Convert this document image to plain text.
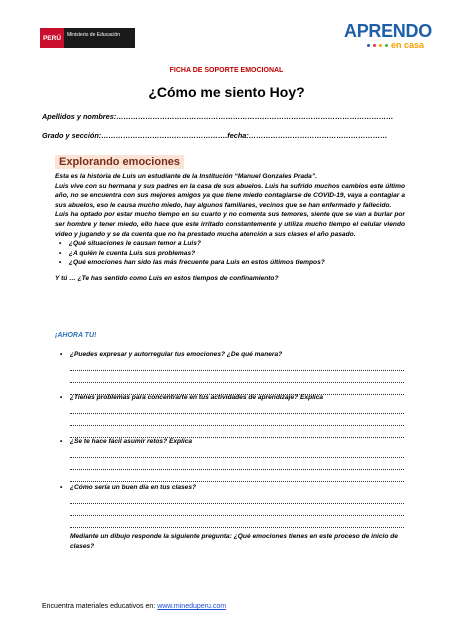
PERÚ	Ministerio de Educación	APRENDO
en casa
FICHA DE SOPORTE EMOCIONAL
¿Cómo me siento Hoy?
Apellidos y nombres:……………………………………………………………………………………………………
Grado y sección:…………………………………………….fecha:…………………………………………………
Explorando emociones

Esta es la historia de Luis un estudiante de la Institución “Manuel Gonzales Prada”.

Luis vive con su hermana y sus padres en la casa de sus abuelos. Luis ha sufrido muchos cambios este último año, no se encuentra con sus mejores amigos ya que tiene miedo contagiarse de COVID-19, vaya a contagiar a sus abuelos, eso le causa mucho miedo, hay algunos familiares, vecinos que se han enfermado y fallecido.

Luis ha optado por estar mucho tiempo en su cuarto y no comenta sus temores, siente que se van a burlar por ser hombre y tener miedo, ello hace que este irritado constantemente y utiliza mucho tiempo el celular viendo video y jugando y se da cuenta que no ha prestado mucha atención a sus clases el año pasado.

• ¿Qué situaciones le causan temor a Luis?
• ¿A quién le cuenta Luis sus problemas?
• ¿Qué emociones han sido las más frecuente para Luis en estos últimos tiempos?

Y tú … ¿Te has sentido como Luis en estos tiempos de confinamiento?

¡AHORA TU!
• ¿Puedes expresar y autorregular tus emociones? ¿De qué manera?
• ¿Tienes problemas para concentrarte en tus actividades de aprendizaje? Explica
• ¿Se te hace fácil asumir retos? Explica
• ¿Cómo sería un buen día en tus clases?
Mediante un dibujo responde la siguiente pregunta: ¿Qué emociones tienes en este proceso de inicio de clases?
Encuentra materiales educativos en: www.mineduperu.com
